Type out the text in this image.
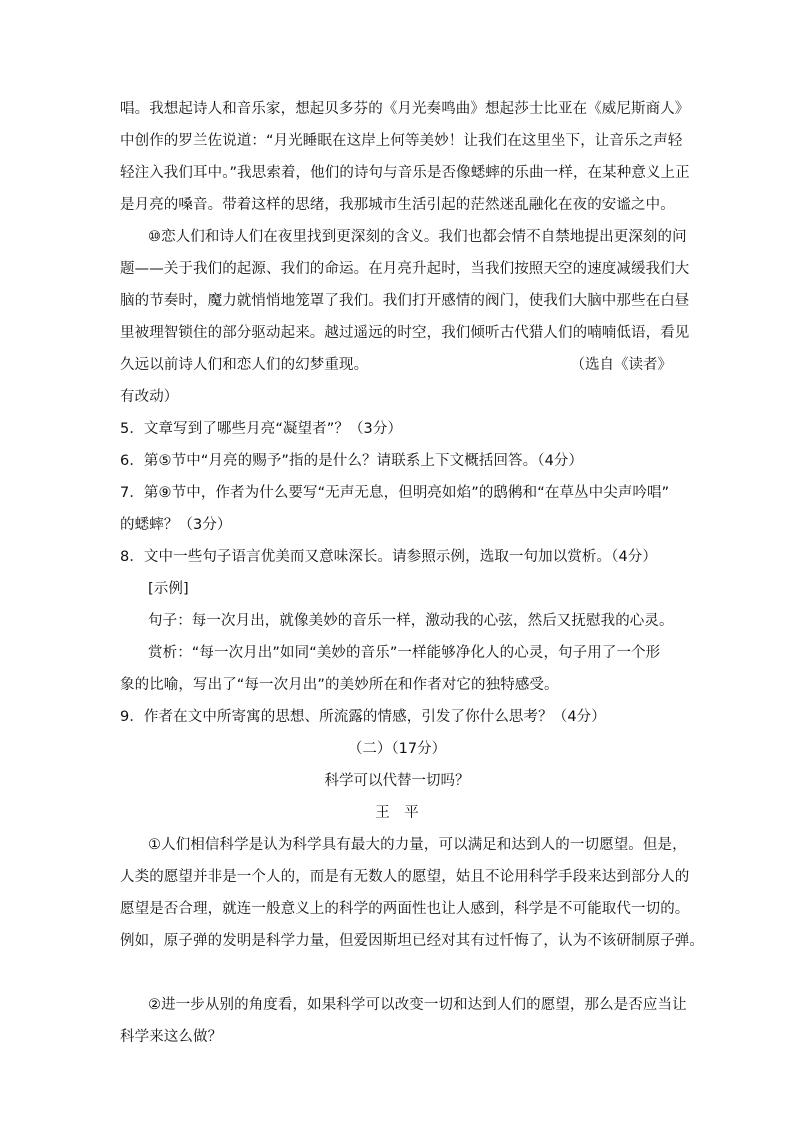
唱。我想起诗人和音乐家，想起贝多芬的《月光奏鸣曲》想起莎士比亚在《威尼斯商人》
中创作的罗兰佐说道：“月光睡眠在这岸上何等美妙！让我们在这里坐下，让音乐之声轻
轻注入我们耳中。”我思索着，他们的诗句与音乐是否像蟋蟀的乐曲一样，在某种意义上正
是月亮的嗓音。带着这样的思绪，我那城市生活引起的茫然迷乱融化在夜的安谧之中。
⑩恋人们和诗人们在夜里找到更深刻的含义。我们也都会情不自禁地提出更深刻的问
题——关于我们的起源、我们的命运。在月亮升起时，当我们按照天空的速度减缓我们大
脑的节奏时，魔力就悄悄地笼罩了我们。我们打开感情的阀门，使我们大脑中那些在白昼
里被理智锁住的部分驱动起来。越过遥远的时空，我们倾听古代猎人们的喃喃低语，看见
久远以前诗人们和恋人们的幻梦重现。	（选自《读者》
有改动）
5．文章写到了哪些月亮“凝望者”？（3分）
6．第⑤节中“月亮的赐予”指的是什么？请联系上下文概括回答。（4分）
7．第⑨节中，作者为什么要写“无声无息，但明亮如焰”的鸱鸺和“在草丛中尖声吟唱”
的蟋蟀？（3分）
8．文中一些句子语言优美而又意味深长。请参照示例，选取一句加以赏析。（4分）
[示例]
句子：每一次月出，就像美妙的音乐一样，激动我的心弦，然后又抚慰我的心灵。
赏析：“每一次月出”如同“美妙的音乐”一样能够净化人的心灵，句子用了一个形
象的比喻，写出了“每一次月出”的美妙所在和作者对它的独特感受。
9．作者在文中所寄寓的思想、所流露的情感，引发了你什么思考？（4分）
（二）（17分）
科学可以代替一切吗？
王　平
①人们相信科学是认为科学具有最大的力量，可以满足和达到人的一切愿望。但是，
人类的愿望并非是一个人的，而是有无数人的愿望，姑且不论用科学手段来达到部分人的
愿望是否合理，就连一般意义上的科学的两面性也让人感到，科学是不可能取代一切的。
例如，原子弹的发明是科学力量，但爱因斯坦已经对其有过忏悔了，认为不该研制原子弹。
②进一步从别的角度看，如果科学可以改变一切和达到人们的愿望，那么是否应当让
科学来这么做？
